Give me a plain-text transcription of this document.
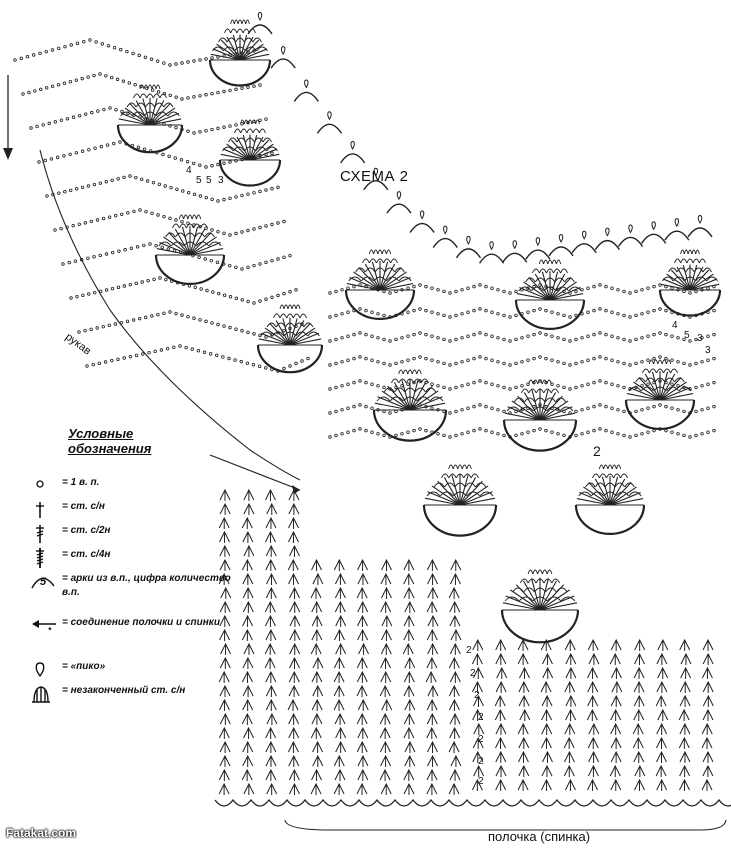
СХЕМА 2
рукав
полочка (спинка)
Fatakat.com
2
4
5 3
3
4
5 5 3
2
2
2
2
2
2
2
Условные обозначения
= 1 в. п.
= ст. с/н
= ст. с/2н
= ст. с/4н
5 = арки из в.п., цифра количество в.п.
*
= соединение полочки и спинки
= «пико»
= незаконченный ст. с/н
